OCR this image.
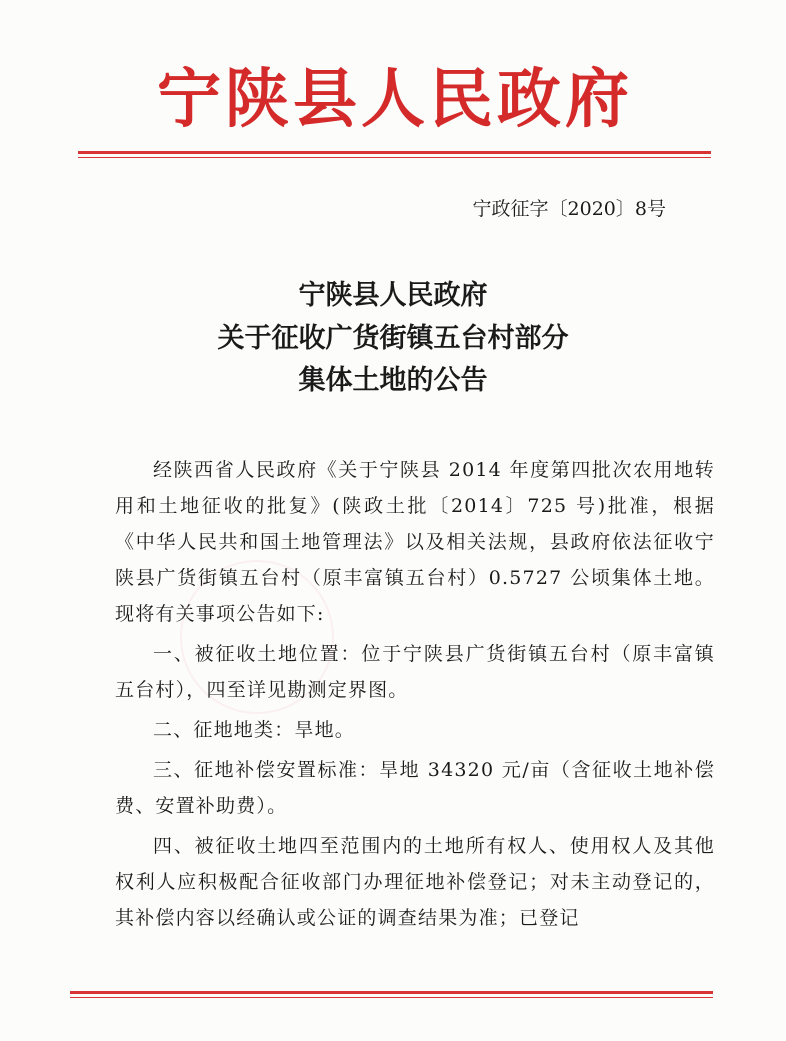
宁陕县人民政府
宁政征字〔2020〕8号
宁陕县人民政府
关于征收广货街镇五台村部分
集体土地的公告

经陕西省人民政府《关于宁陕县 2014 年度第四批次农用地转用和土地征收的批复》(陕政土批〔2014〕725 号)批准，根据《中华人民共和国土地管理法》以及相关法规，县政府依法征收宁陕县广货街镇五台村（原丰富镇五台村）0.5727 公顷集体土地。现将有关事项公告如下:

一、被征收土地位置：位于宁陕县广货街镇五台村（原丰富镇五台村），四至详见勘测定界图。

二、征地地类：旱地。

三、征地补偿安置标准：旱地 34320 元/亩（含征收土地补偿费、安置补助费）。

四、被征收土地四至范围内的土地所有权人、使用权人及其他权利人应积极配合征收部门办理征地补偿登记；对未主动登记的，其补偿内容以经确认或公证的调查结果为准；已登记
